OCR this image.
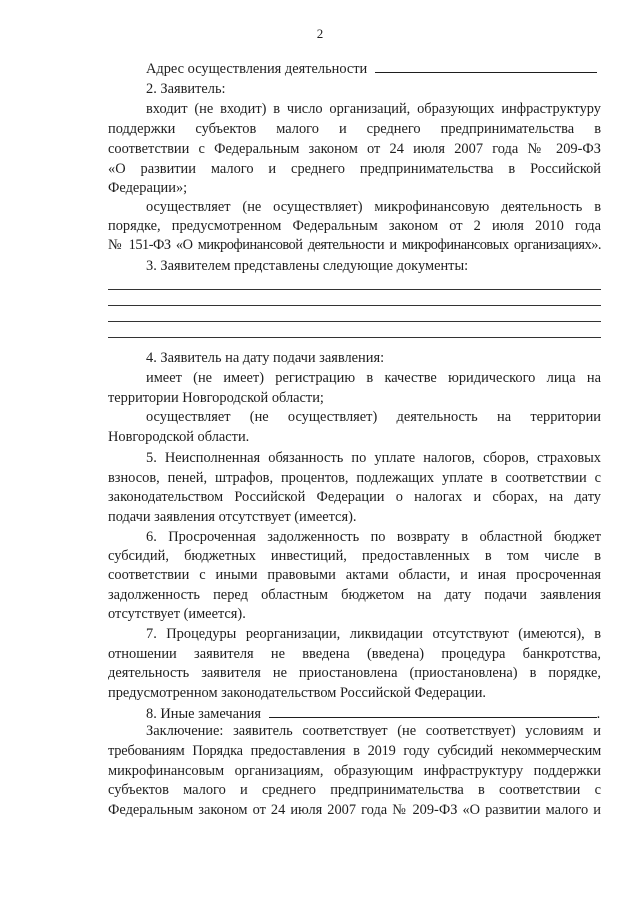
2
Адрес осуществления деятельности
2. Заявитель:
входит (не входит) в число организаций, образующих инфраструктуру
поддержки субъектов малого и среднего предпринимательства в
соответствии с Федеральным законом от 24 июля 2007 года № 209-ФЗ
«О развитии малого и среднего предпринимательства в Российской
Федерации»;
осуществляет (не осуществляет) микрофинансовую деятельность в
порядке, предусмотренном Федеральным законом от 2 июля 2010 года
№ 151-ФЗ «О микрофинансовой деятельности и микрофинансовых организациях».
3. Заявителем представлены следующие документы:
4. Заявитель на дату подачи заявления:
имеет (не имеет) регистрацию в качестве юридического лица на
территории Новгородской области;
осуществляет (не осуществляет) деятельность на территории
Новгородской области.
5. Неисполненная обязанность по уплате налогов, сборов, страховых
взносов, пеней, штрафов, процентов, подлежащих уплате в соответствии с
законодательством Российской Федерации о налогах и сборах, на дату
подачи заявления отсутствует (имеется).
6. Просроченная задолженность по возврату в областной бюджет
субсидий, бюджетных инвестиций, предоставленных в том числе в
соответствии с иными правовыми актами области, и иная просроченная
задолженность перед областным бюджетом на дату подачи заявления
отсутствует (имеется).
7. Процедуры реорганизации, ликвидации отсутствуют (имеются), в
отношении заявителя не введена (введена) процедура банкротства,
деятельность заявителя не приостановлена (приостановлена) в порядке,
предусмотренном законодательством Российской Федерации.
8. Иные замечания	.
Заключение: заявитель соответствует (не соответствует) условиям и
требованиям Порядка предоставления в 2019 году субсидий некоммерческим
микрофинансовым организациям, образующим инфраструктуру поддержки
субъектов малого и среднего предпринимательства в соответствии с
Федеральным законом от 24 июля 2007 года № 209-ФЗ «О развитии малого и
